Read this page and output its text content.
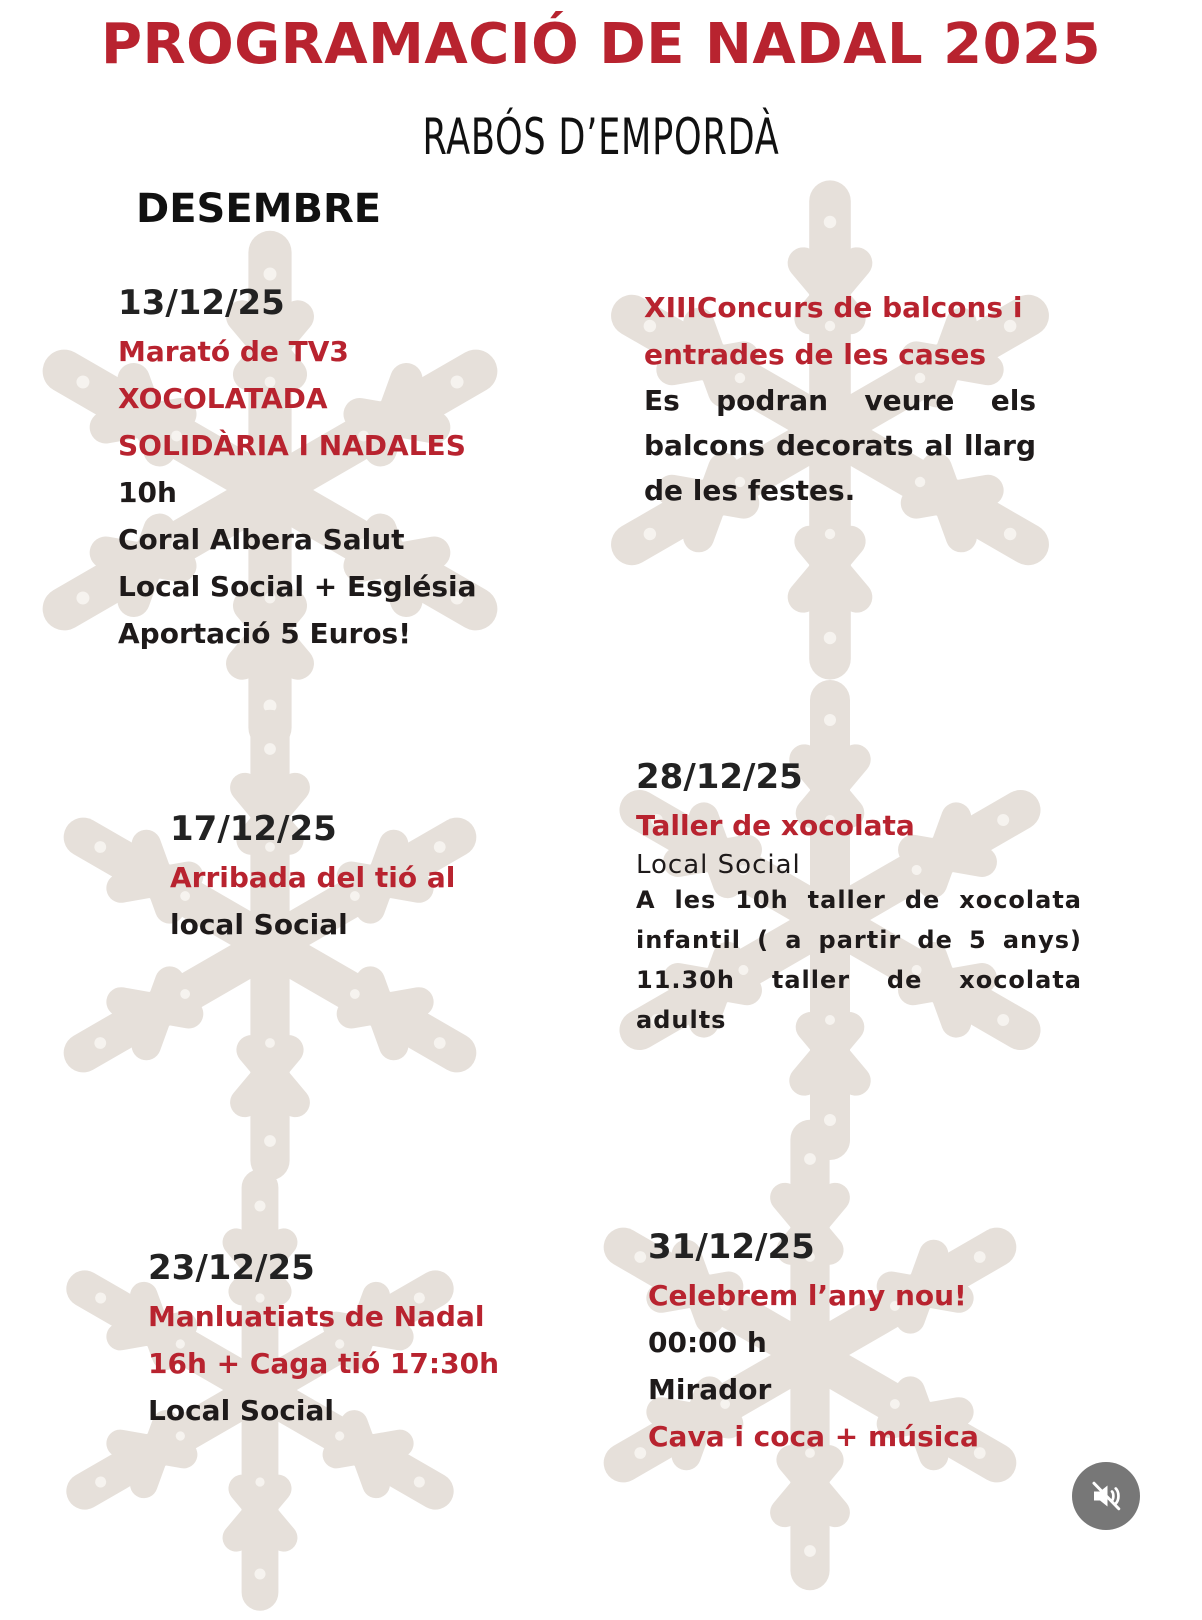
PROGRAMACIÓ DE NADAL 2025
RABÓS D’EMPORDÀ
DESEMBRE
13/12/25
Marató de TV3
XOCOLATADA
SOLIDÀRIA I NADALES
10h
Coral Albera Salut
Local Social + Església
Aportació 5 Euros!
XIIIConcurs de balcons i
entrades de les cases
Es podran veure els
balcons decorats al llarg
de les festes.
17/12/25
Arribada del tió al
local Social
28/12/25
Taller de xocolata
Local Social
A les 10h taller de xocolata
infantil ( a partir de 5 anys)
11.30h taller de xocolata
adults
23/12/25
Manluatiats de Nadal
16h + Caga tió 17:30h
Local Social
31/12/25
Celebrem l’any nou!
00:00 h
Mirador
Cava i coca + música
